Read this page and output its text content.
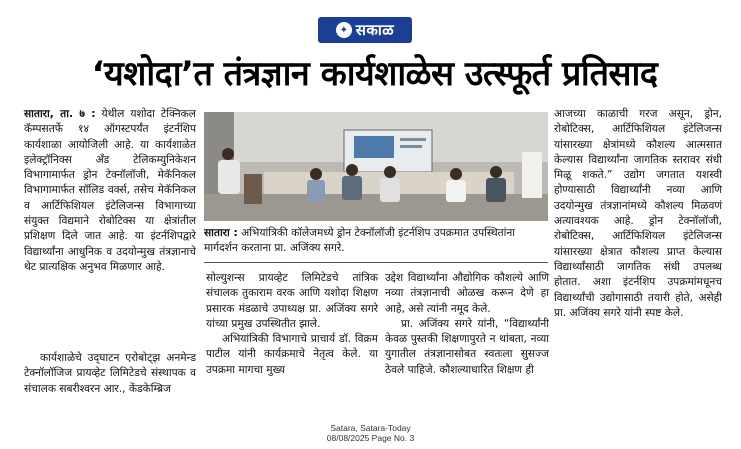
✦ सकाळ
‘यशोदा’त तंत्रज्ञान कार्यशाळेस उत्स्फूर्त प्रतिसाद

सातारा, ता. ७ : येथील यशोदा टेक्निकल कॅम्पसतर्फे १४ ऑगस्टपर्यंत इंटर्नशिप कार्यशाळा आयोजिली आहे. या कार्यशाळेत इलेक्ट्रॉनिक्स अँड टेलिकम्युनिकेशन विभागामार्फत ड्रोन टेक्नॉलॉजी, मेकॅनिकल विभागामार्फत सॉलिड वर्क्स, तसेच मेकॅनिकल व आर्टिफिशियल इंटेलिजन्स विभागाच्या संयुक्त विद्यमाने रोबोटिक्स या क्षेत्रांतील प्रशिक्षण दिले जात आहे. या इंटर्नशिपद्वारे विद्यार्थ्यांना आधुनिक व उदयोन्मुख तंत्रज्ञानाचे थेट प्रात्यक्षिक अनुभव मिळणार आहे.

कार्यशाळेचे उद्‌घाटन एरोबोट्झ अनमेन्ड टेक्नॉलॉजिज प्रायव्हेट लिमिटेडचे संस्थापक व संचालक सबरीश्वरन आर., केंडकेम्ब्रिज

सातारा : अभियांत्रिकी कॉलेजमध्ये ड्रोन टेक्नॉलॉजी इंटर्नशिप उपक्रमात उपस्थितांना मार्गदर्शन करताना प्रा. अजिंक्य सगरे.

सोल्युशन्स प्रायव्हेट लिमिटेडचे तांत्रिक संचालक तुकाराम वरक आणि यशोदा शिक्षण प्रसारक मंडळाचे उपाध्यक्ष प्रा. अजिंक्य सगरे यांच्या प्रमुख उपस्थितीत झाले.

अभियांत्रिकी विभागाचे प्राचार्य डॉ. विक्रम पाटील यांनी कार्यक्रमाचे नेतृत्व केले. या उपक्रमा मागचा मुख्य

उद्देश विद्यार्थ्यांना औद्योगिक कौशल्ये आणि नव्या तंत्रज्ञानाची ओळख करून देणे हा आहे, असे त्यांनी नमूद केले.

प्रा. अजिंक्य सगरे यांनी, “विद्यार्थ्यांनी केवळ पुस्तकी शिक्षणापुरते न थांबता, नव्या युगातील तंत्रज्ञानासोबत स्वतःला सुसज्ज ठेवले पाहिजे. कौशल्याधारित शिक्षण ही

आजच्या काळाची गरज असून, ड्रोन, रोबोटिक्स, आर्टिफिशियल इंटेलिजन्स यांसारख्या क्षेत्रांमध्ये कौशल्य आत्मसात केल्यास विद्यार्थ्यांना जागतिक स्तरावर संधी मिळू शकते.” उद्योग जगतात यशस्वी होण्यासाठी विद्यार्थ्यांनी नव्या आणि उदयोन्मुख तंत्रज्ञानांमध्ये कौशल्य मिळवणं अत्यावश्यक आहे. ड्रोन टेक्नॉलॉजी, रोबोटिक्स, आर्टिफिशियल इंटेलिजन्स यांसारख्या क्षेत्रात कौशल्य प्राप्त केल्यास विद्यार्थ्यांसाठी जागतिक संधी उपलब्ध होतात. अशा इंटर्नशिप उपक्रमांमधूनच विद्यार्थ्यांची उद्योगासाठी तयारी होते, असेही प्रा. अजिंक्य सगरे यांनी स्पष्ट केले.

Satara, Satara-Today
08/08/2025 Page No. 3
